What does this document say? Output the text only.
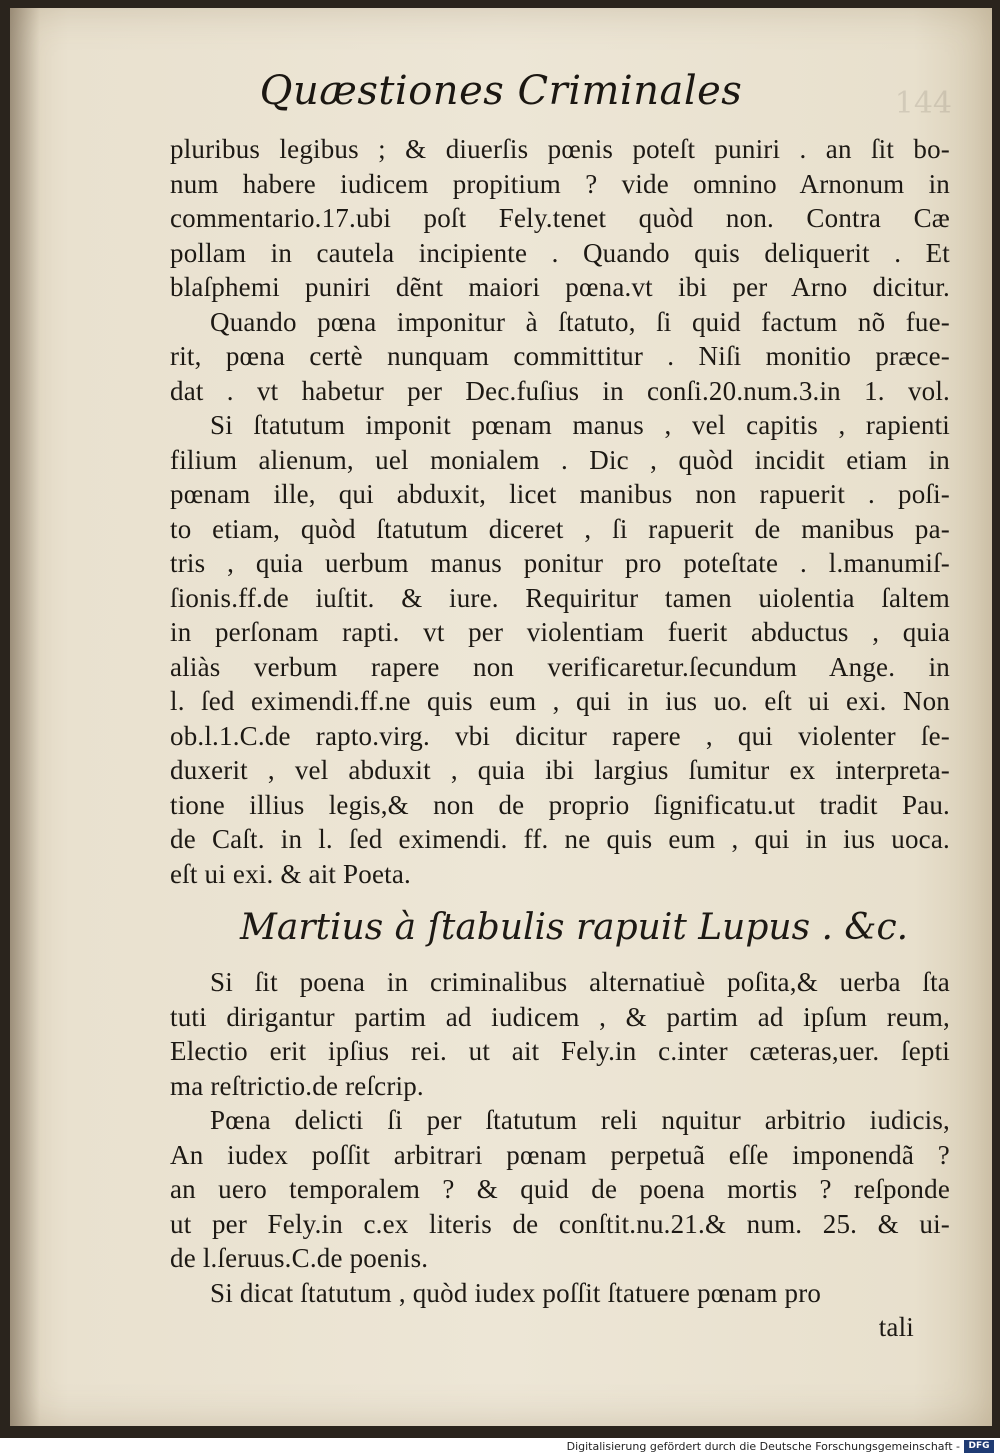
144
Quæstiones Criminales
pluribus legibus ; & diuerſis pœnis poteſt puniri . an ſit bo-
num habere iudicem propitium ? vide omnino Arnonum in
commentario.17.ubi poſt Fely.tenet quòd non. Contra Cæ
pollam in cautela incipiente . Quando quis deliquerit . Et
blaſphemi puniri dẽnt maiori pœna.vt ibi per Arno dicitur.
Quando pœna imponitur à ſtatuto, ſi quid factum nõ fue-
rit, pœna certè nunquam committitur . Niſi monitio præce-
dat . vt habetur per Dec.fuſius in conſi.20.num.3.in 1. vol.
Si ſtatutum imponit pœnam manus , vel capitis , rapienti
filium alienum, uel monialem . Dic , quòd incidit etiam in
pœnam ille, qui abduxit, licet manibus non rapuerit . poſi-
to etiam, quòd ſtatutum diceret , ſi rapuerit de manibus pa-
tris , quia uerbum manus ponitur pro poteſtate . l.manumiſ-
ſionis.ff.de iuſtit. & iure. Requiritur tamen uiolentia ſaltem
in perſonam rapti. vt per violentiam fuerit abductus , quia
aliàs verbum rapere non verificaretur.ſecundum Ange. in
l. ſed eximendi.ff.ne quis eum , qui in ius uo. eſt ui exi. Non
ob.l.1.C.de rapto.virg. vbi dicitur rapere , qui violenter ſe-
duxerit , vel abduxit , quia ibi largius ſumitur ex interpreta-
tione illius legis,& non de proprio ſignificatu.ut tradit Pau.
de Caſt. in l. ſed eximendi. ff. ne quis eum , qui in ius uoca.
eſt ui exi. & ait Poeta.
Martius à ſtabulis rapuit Lupus . &c.
Si ſit poena in criminalibus alternatiuè poſita,& uerba ſta
tuti dirigantur partim ad iudicem , & partim ad ipſum reum,
Electio erit ipſius rei. ut ait Fely.in c.inter cæteras,uer. ſepti
ma reſtrictio.de reſcrip.
Pœna delicti ſi per ſtatutum reli nquitur arbitrio iudicis,
An iudex poſſit arbitrari pœnam perpetuã eſſe imponendã ?
an uero temporalem ? & quid de poena mortis ? reſponde
ut per Fely.in c.ex literis de conſtit.nu.21.& num. 25. & ui-
de l.ſeruus.C.de poenis.
Si dicat ſtatutum , quòd iudex poſſit ſtatuere pœnam pro
tali
Digitalisierung gefördert durch die Deutsche Forschungsgemeinschaft - DFG
